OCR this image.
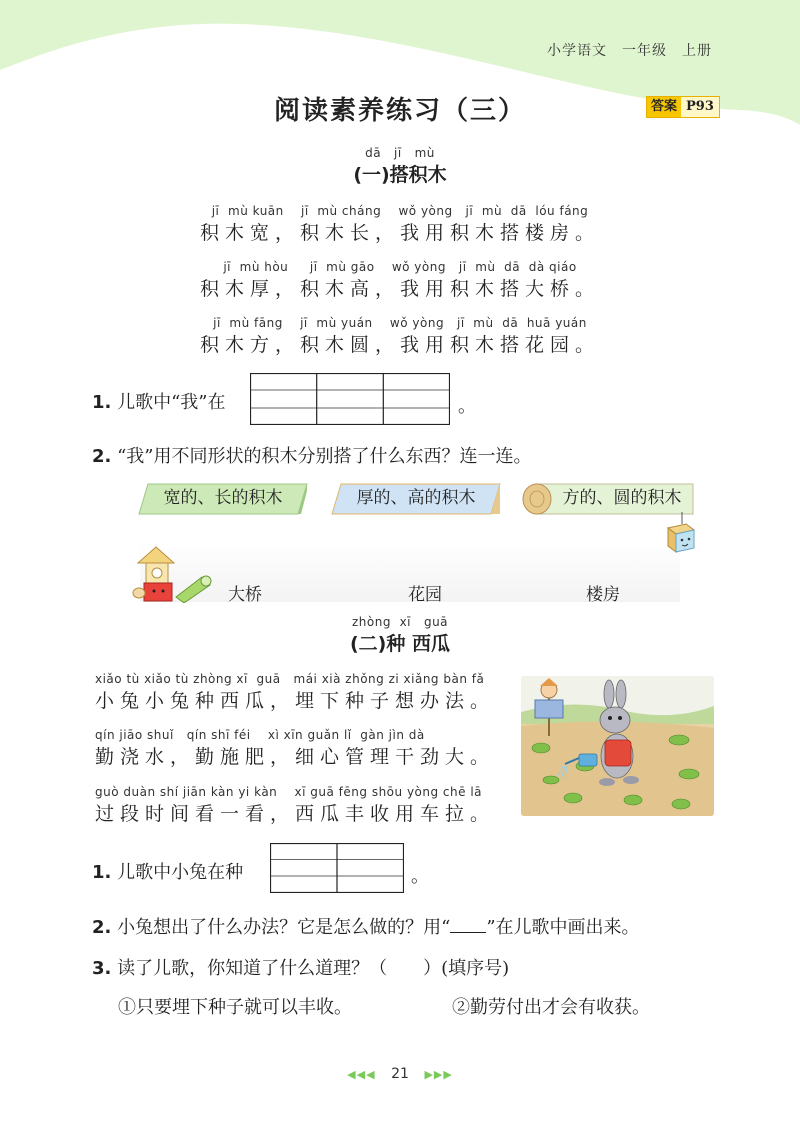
小学语文　一年级　上册
阅读素养练习（三）	答案 P93
dā   jī   mù
(一)搭积木
jī  mù kuān    jī  mù cháng    wǒ yòng   jī  mù  dā  lóu fáng
积木宽，积木长，我用积木搭楼房。
jī  mù hòu     jī  mù gāo    wǒ yòng   jī  mù  dā  dà qiáo
积木厚，积木高，我用积木搭大桥。
jī  mù fāng    jī  mù yuán    wǒ yòng   jī  mù  dā  huā yuán
积木方，积木圆，我用积木搭花园。
1. 儿歌中“我”在	。
2. “我”用不同形状的积木分别搭了什么东西？连一连。
宽的、长的积木	厚的、高的积木	方的、圆的积木
大桥	花园	楼房
zhòng  xī   guā
(二)种 西瓜
xiǎo tù xiǎo tù zhòng xī  guā   mái xià zhǒng zi xiǎng bàn fǎ
小兔小兔种西瓜，埋下种子想办法。
qín jiāo shuǐ   qín shī féi    xì xīn guǎn lǐ  gàn jìn dà
勤浇水，勤施肥，细心管理干劲大。
guò duàn shí jiān kàn yi kàn    xī guā fēng shōu yòng chē lā
过段时间看一看，西瓜丰收用车拉。
1. 儿歌中小兔在种	。
2. 小兔想出了什么办法？它是怎么做的？用“ ”在儿歌中画出来。
3. 读了儿歌，你知道了什么道理？（　　）(填序号)
①只要埋下种子就可以丰收。	②勤劳付出才会有收获。
◀◀◀ 21 ▶▶▶
